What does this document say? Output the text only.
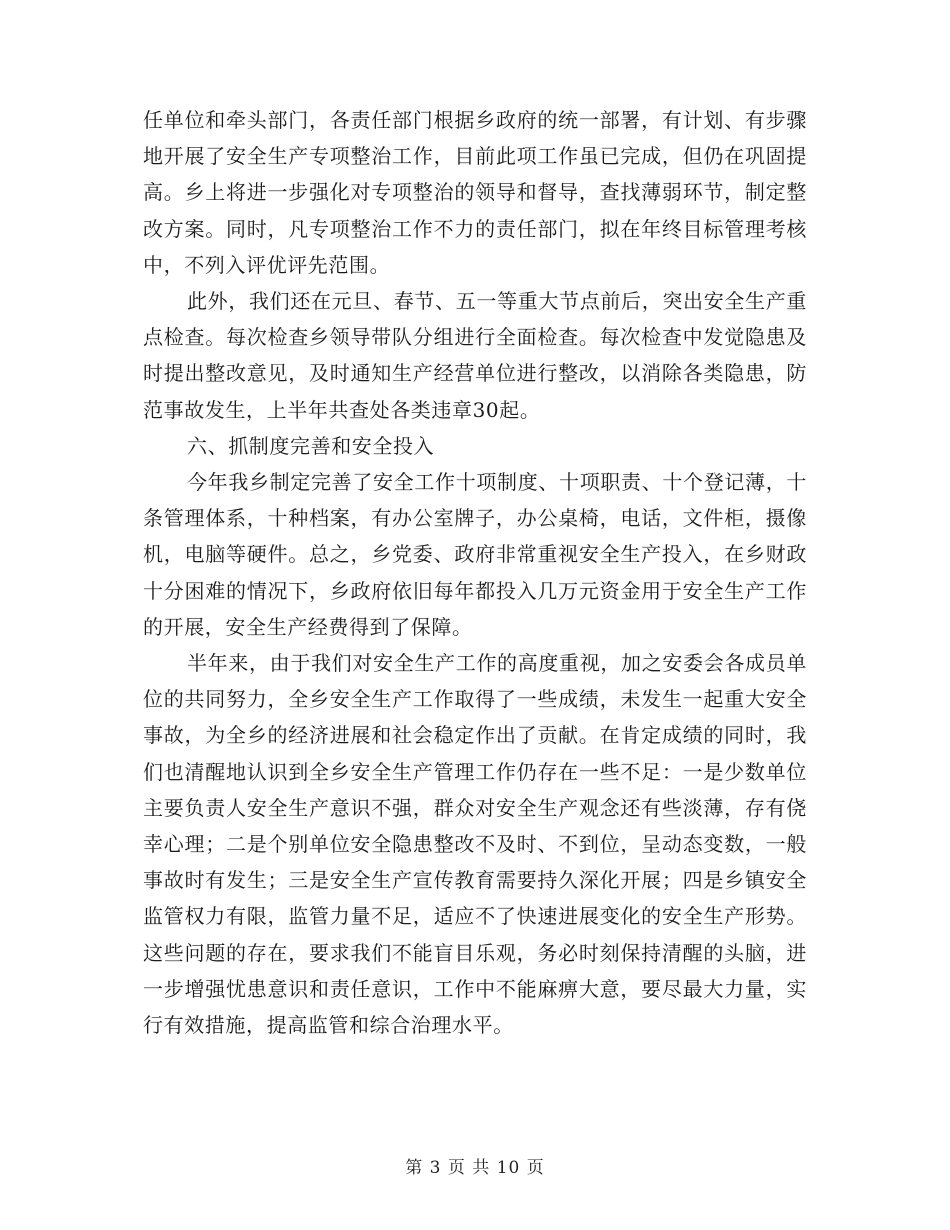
任单位和牵头部门，各责任部门根据乡政府的统一部署，有计划、有步骤地开展了安全生产专项整治工作，目前此项工作虽已完成，但仍在巩固提高。乡上将进一步强化对专项整治的领导和督导，查找薄弱环节，制定整改方案。同时，凡专项整治工作不力的责任部门，拟在年终目标管理考核中，不列入评优评先范围。

此外，我们还在元旦、春节、五一等重大节点前后，突出安全生产重点检查。每次检查乡领导带队分组进行全面检查。每次检查中发觉隐患及时提出整改意见，及时通知生产经营单位进行整改，以消除各类隐患，防范事故发生，上半年共查处各类违章30起。

六、抓制度完善和安全投入

今年我乡制定完善了安全工作十项制度、十项职责、十个登记薄，十条管理体系，十种档案，有办公室牌子，办公桌椅，电话，文件柜，摄像机，电脑等硬件。总之，乡党委、政府非常重视安全生产投入，在乡财政十分困难的情况下，乡政府依旧每年都投入几万元资金用于安全生产工作的开展，安全生产经费得到了保障。

半年来，由于我们对安全生产工作的高度重视，加之安委会各成员单位的共同努力，全乡安全生产工作取得了一些成绩，未发生一起重大安全事故，为全乡的经济进展和社会稳定作出了贡献。在肯定成绩的同时，我们也清醒地认识到全乡安全生产管理工作仍存在一些不足：一是少数单位主要负责人安全生产意识不强，群众对安全生产观念还有些淡薄，存有侥幸心理；二是个别单位安全隐患整改不及时、不到位，呈动态变数，一般事故时有发生；三是安全生产宣传教育需要持久深化开展；四是乡镇安全监管权力有限，监管力量不足，适应不了快速进展变化的安全生产形势。这些问题的存在，要求我们不能盲目乐观，务必时刻保持清醒的头脑，进一步增强忧患意识和责任意识，工作中不能麻痹大意，要尽最大力量，实行有效措施，提高监管和综合治理水平。

第 3 页 共 10 页
